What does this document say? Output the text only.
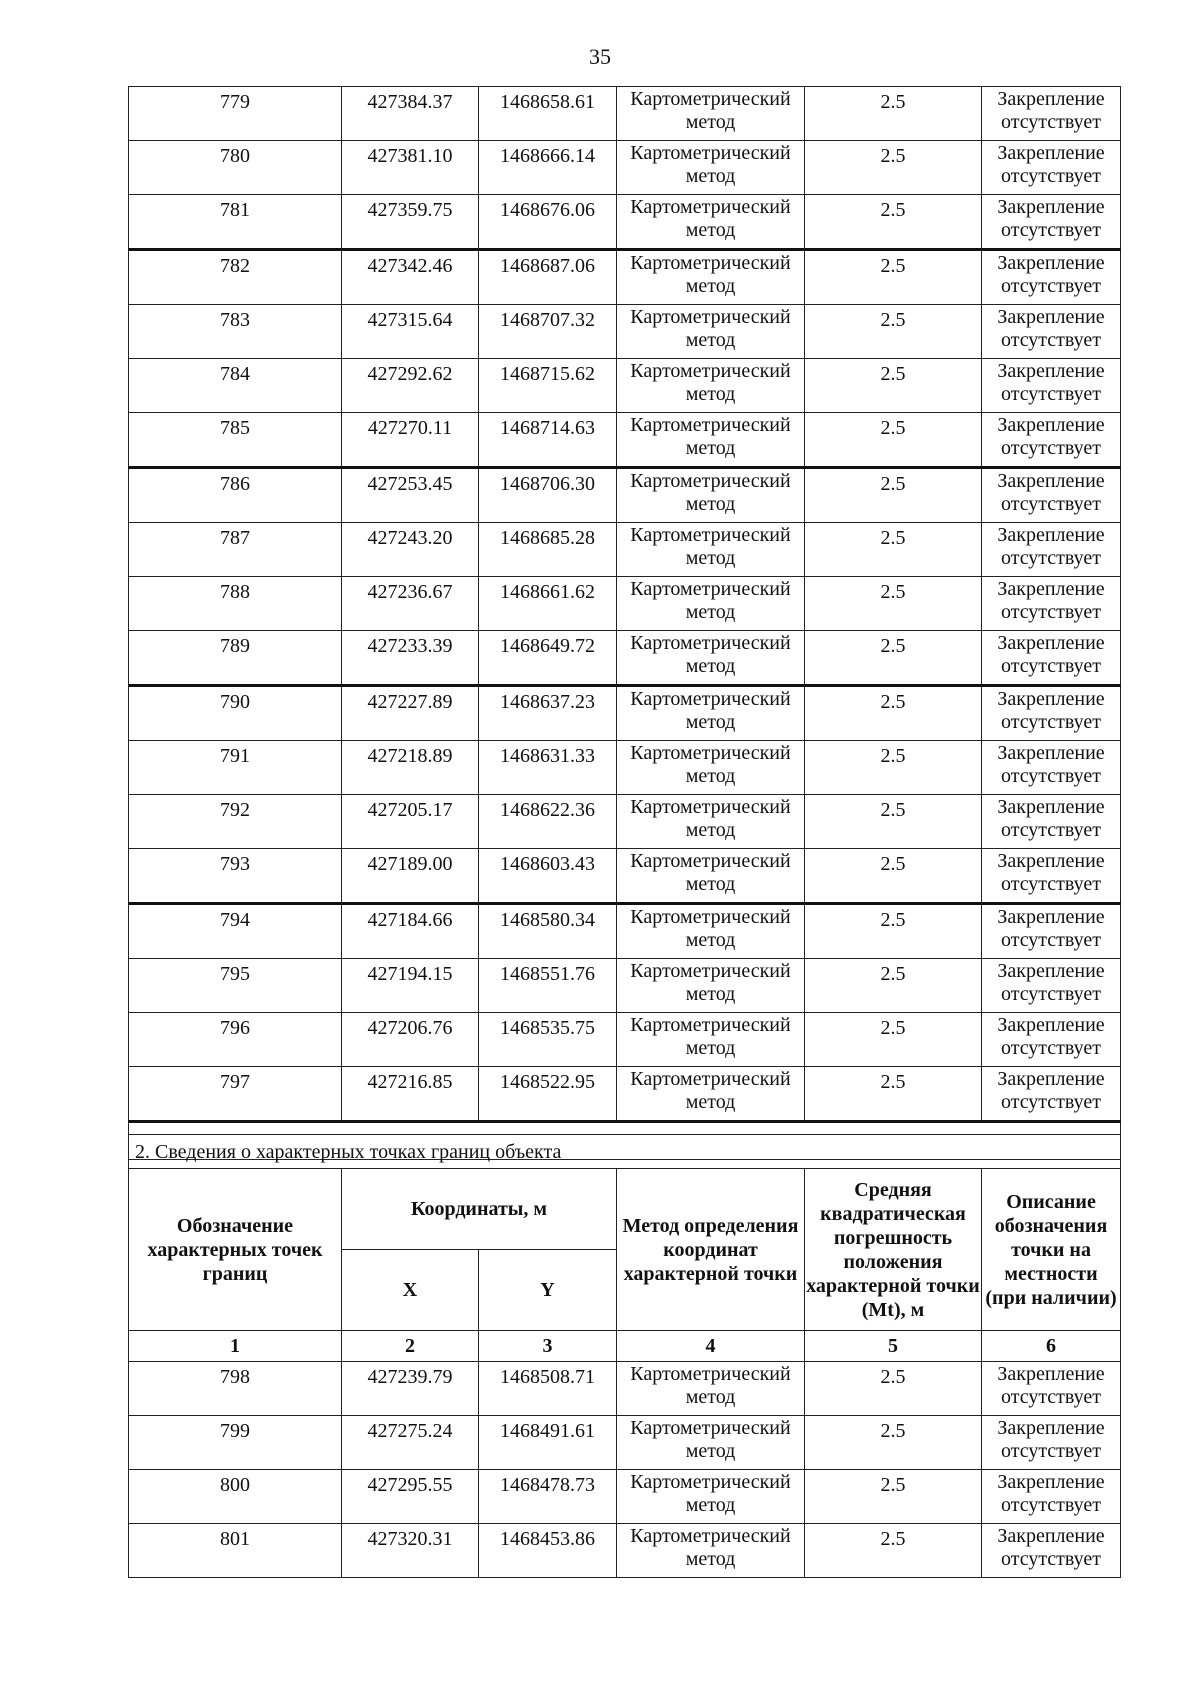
35
779	427384.37	1468658.61	Картометрический метод	2.5	Закрепление отсутствует
780	427381.10	1468666.14	Картометрический метод	2.5	Закрепление отсутствует
781	427359.75	1468676.06	Картометрический метод	2.5	Закрепление отсутствует
782	427342.46	1468687.06	Картометрический метод	2.5	Закрепление отсутствует
783	427315.64	1468707.32	Картометрический метод	2.5	Закрепление отсутствует
784	427292.62	1468715.62	Картометрический метод	2.5	Закрепление отсутствует
785	427270.11	1468714.63	Картометрический метод	2.5	Закрепление отсутствует
786	427253.45	1468706.30	Картометрический метод	2.5	Закрепление отсутствует
787	427243.20	1468685.28	Картометрический метод	2.5	Закрепление отсутствует
788	427236.67	1468661.62	Картометрический метод	2.5	Закрепление отсутствует
789	427233.39	1468649.72	Картометрический метод	2.5	Закрепление отсутствует
790	427227.89	1468637.23	Картометрический метод	2.5	Закрепление отсутствует
791	427218.89	1468631.33	Картометрический метод	2.5	Закрепление отсутствует
792	427205.17	1468622.36	Картометрический метод	2.5	Закрепление отсутствует
793	427189.00	1468603.43	Картометрический метод	2.5	Закрепление отсутствует
794	427184.66	1468580.34	Картометрический метод	2.5	Закрепление отсутствует
795	427194.15	1468551.76	Картометрический метод	2.5	Закрепление отсутствует
796	427206.76	1468535.75	Картометрический метод	2.5	Закрепление отсутствует
797	427216.85	1468522.95	Картометрический метод	2.5	Закрепление отсутствует

2. Сведения о характерных точках границ объекта					
Обозначение характерных точек границ	Координаты, м		Метод определения координат характерной точки	Средняя квадратическая погрешность положения характерной точки (Mt), м	Описание обозначения точки на местности (при наличии)
	X	Y			
1	2	3	4	5	6
798	427239.79	1468508.71	Картометрический метод	2.5	Закрепление отсутствует
799	427275.24	1468491.61	Картометрический метод	2.5	Закрепление отсутствует
800	427295.55	1468478.73	Картометрический метод	2.5	Закрепление отсутствует
801	427320.31	1468453.86	Картометрический метод	2.5	Закрепление отсутствует
